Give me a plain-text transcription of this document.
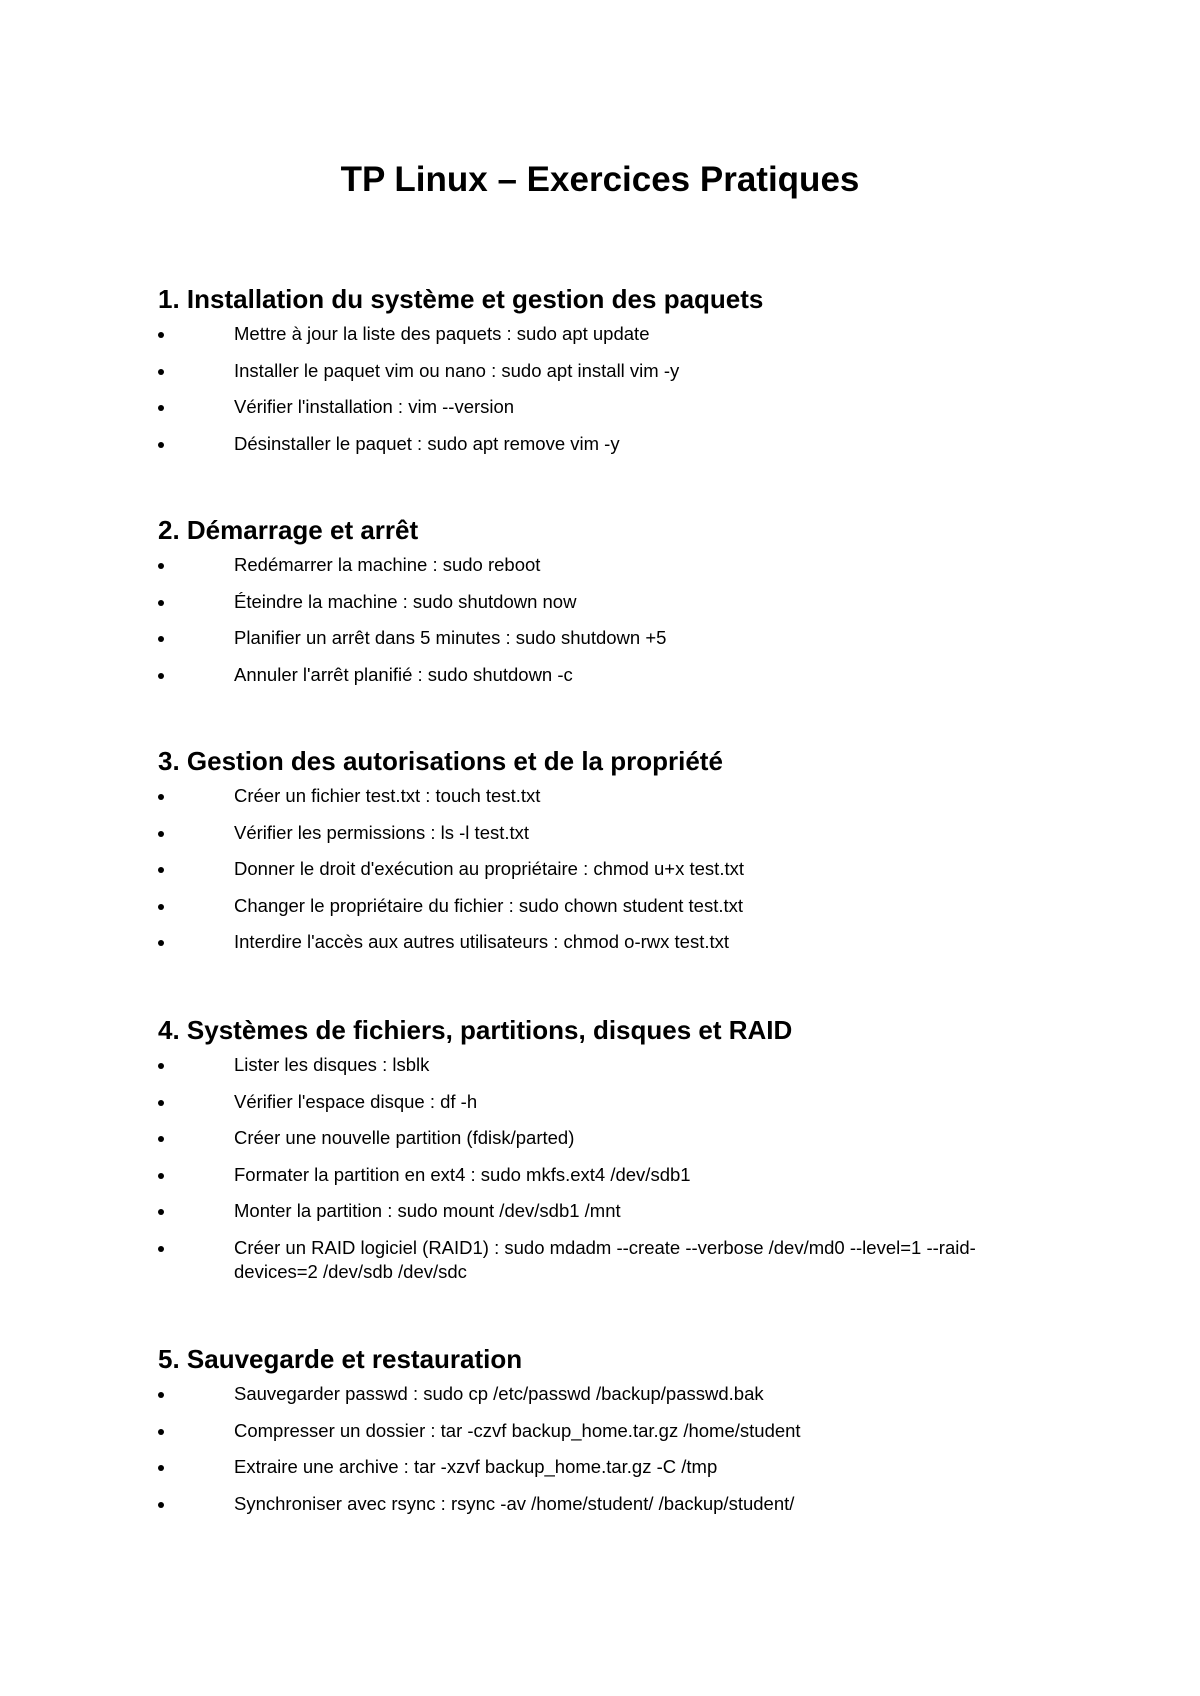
TP Linux – Exercices Pratiques
1. Installation du système et gestion des paquets
Mettre à jour la liste des paquets : sudo apt update
Installer le paquet vim ou nano : sudo apt install vim -y
Vérifier l'installation : vim --version
Désinstaller le paquet : sudo apt remove vim -y
2. Démarrage et arrêt
Redémarrer la machine : sudo reboot
Éteindre la machine : sudo shutdown now
Planifier un arrêt dans 5 minutes : sudo shutdown +5
Annuler l'arrêt planifié : sudo shutdown -c
3. Gestion des autorisations et de la propriété
Créer un fichier test.txt : touch test.txt
Vérifier les permissions : ls -l test.txt
Donner le droit d'exécution au propriétaire : chmod u+x test.txt
Changer le propriétaire du fichier : sudo chown student test.txt
Interdire l'accès aux autres utilisateurs : chmod o-rwx test.txt
4. Systèmes de fichiers, partitions, disques et RAID
Lister les disques : lsblk
Vérifier l'espace disque : df -h
Créer une nouvelle partition (fdisk/parted)
Formater la partition en ext4 : sudo mkfs.ext4 /dev/sdb1
Monter la partition : sudo mount /dev/sdb1 /mnt
Créer un RAID logiciel (RAID1) : sudo mdadm --create --verbose /dev/md0 --level=1 --raid-devices=2 /dev/sdb /dev/sdc
5. Sauvegarde et restauration
Sauvegarder passwd : sudo cp /etc/passwd /backup/passwd.bak
Compresser un dossier : tar -czvf backup_home.tar.gz /home/student
Extraire une archive : tar -xzvf backup_home.tar.gz -C /tmp
Synchroniser avec rsync : rsync -av /home/student/ /backup/student/
